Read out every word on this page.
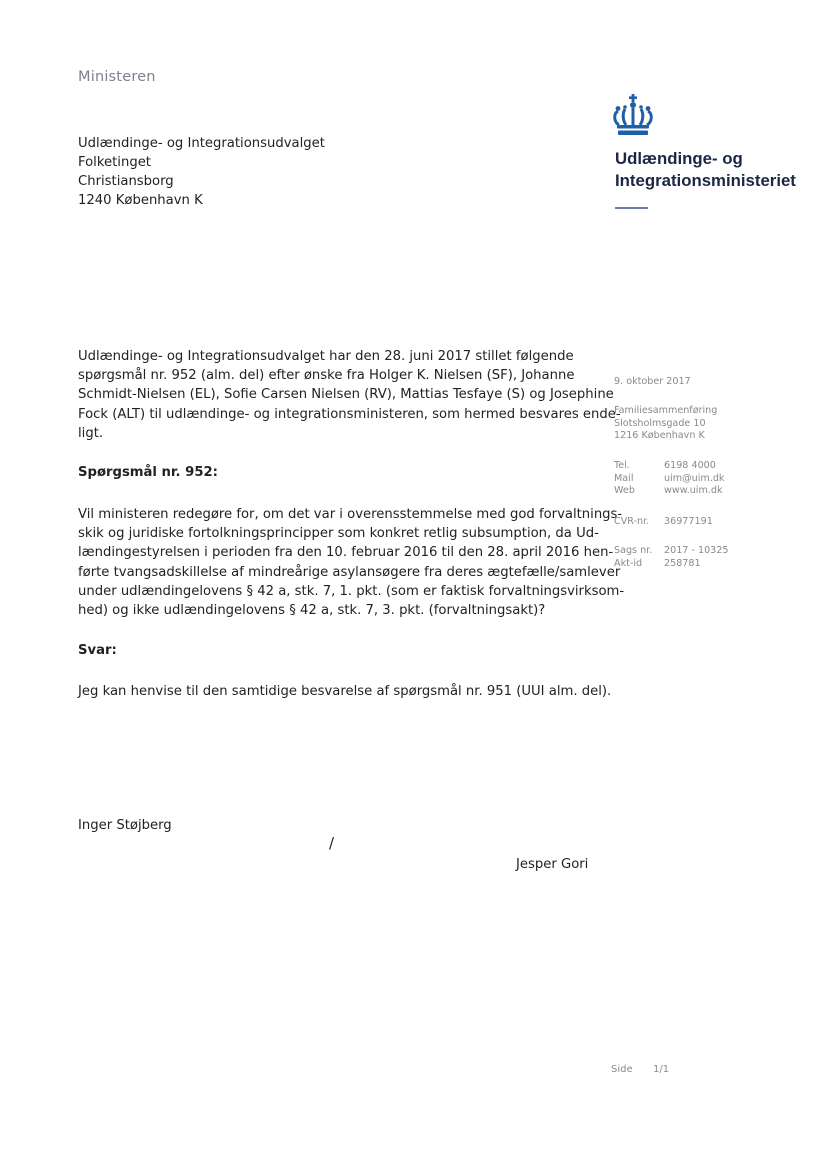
Ministeren
Udlændinge- og Integrationsudvalget
Folketinget
Christiansborg
1240 København K
Udlændinge- og
Integrationsministeriet
Udlændinge- og Integrationsudvalget har den 28. juni 2017 stillet følgende
spørgsmål nr. 952 (alm. del) efter ønske fra Holger K. Nielsen (SF), Johanne
Schmidt-Nielsen (EL), Sofie Carsen Nielsen (RV), Mattias Tesfaye (S) og Josephine
Fock (ALT) til udlændinge- og integrationsministeren, som hermed besvares ende-
ligt.
Spørgsmål nr. 952:
Vil ministeren redegøre for, om det var i overensstemmelse med god forvaltnings-
skik og juridiske fortolkningsprincipper som konkret retlig subsumption, da Ud-
lændingestyrelsen i perioden fra den 10. februar 2016 til den 28. april 2016 hen-
førte tvangsadskillelse af mindreårige asylansøgere fra deres ægtefælle/samlever
under udlændingelovens § 42 a, stk. 7, 1. pkt. (som er faktisk forvaltningsvirksom-
hed) og ikke udlændingelovens § 42 a, stk. 7, 3. pkt. (forvaltningsakt)?
Svar:
Jeg kan henvise til den samtidige besvarelse af spørgsmål nr. 951 (UUI alm. del).
Inger Støjberg
/
Jesper Gori
9. oktober 2017
Familiesammenføring
Slotsholmsgade 10
1216 København K
Tel.	6198 4000
Mail	uim@uim.dk
Web	www.uim.dk
CVR-nr. 36977191
Sags nr. 2017 - 10325
Akt-id 258781
Side 1/1
